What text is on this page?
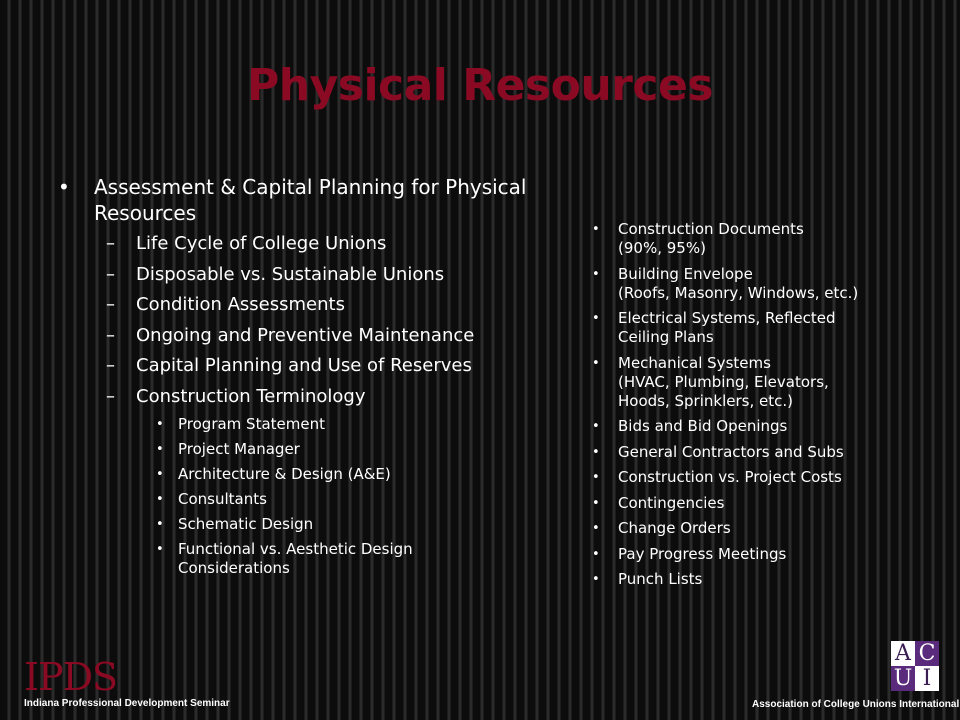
Physical Resources
• Assessment & Capital Planning for Physical Resources
– Life Cycle of College Unions
– Disposable vs. Sustainable Unions
– Condition Assessments
– Ongoing and Preventive Maintenance
– Capital Planning and Use of Reserves
– Construction Terminology
• Program Statement
• Project Manager
• Architecture & Design (A&E)
• Consultants
• Schematic Design
• Functional vs. Aesthetic Design Considerations
• Construction Documents
(90%, 95%)
• Building Envelope
(Roofs, Masonry, Windows, etc.)
• Electrical Systems, Reflected
Ceiling Plans
• Mechanical Systems
(HVAC, Plumbing, Elevators,
Hoods, Sprinklers, etc.)
• Bids and Bid Openings
• General Contractors and Subs
• Construction vs. Project Costs
• Contingencies
• Change Orders
• Pay Progress Meetings
• Punch Lists
IPDS
Indiana Professional Development Seminar	Association of College Unions International
A C
U I
